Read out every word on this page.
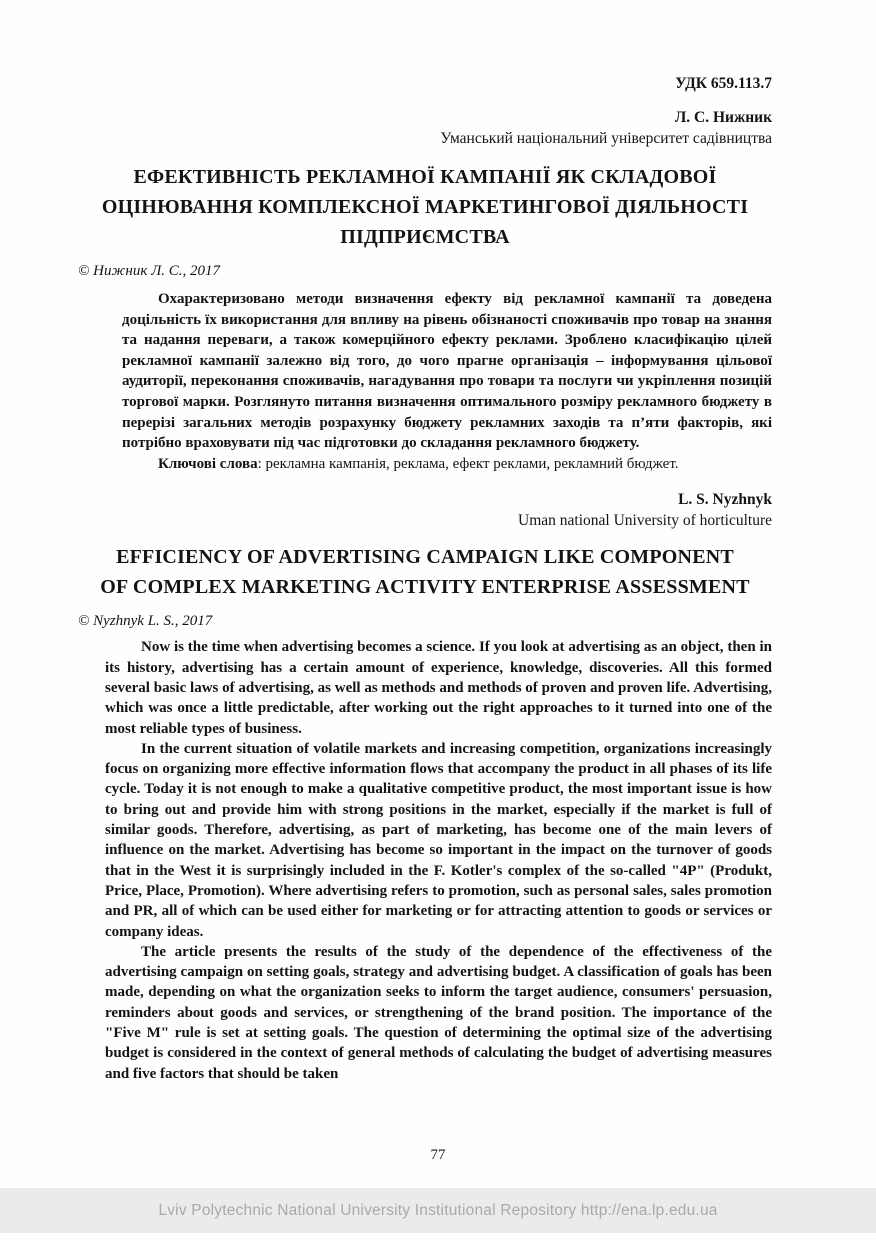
УДК 659.113.7
Л. С. Нижник
Уманський національний університет садівництва
ЕФЕКТИВНІСТЬ РЕКЛАМНОЇ КАМПАНІЇ ЯК СКЛАДОВОЇ
ОЦІНЮВАННЯ КОМПЛЕКСНОЇ МАРКЕТИНГОВОЇ ДІЯЛЬНОСТІ
ПІДПРИЄМСТВА
© Нижник Л. С., 2017

Охарактеризовано методи визначення ефекту від рекламної кампанії та доведена доцільність їх використання для впливу на рівень обізнаності споживачів про товар на знання та надання переваги, а також комерційного ефекту реклами. Зроблено класифікацію цілей рекламної кампанії залежно від того, до чого прагне організація – інформування цільової аудиторії, переконання споживачів, нагадування про товари та послуги чи укріплення позицій торгової марки. Розглянуто питання визначення оптимального розміру рекламного бюджету в перерізі загальних методів розрахунку бюджету рекламних заходів та п’яти факторів, які потрібно враховувати під час підготовки до складання рекламного бюджету.

Ключові слова: рекламна кампанія, реклама, ефект реклами, рекламний бюджет.

L. S. Nyzhnyk
Uman national University of horticulture
EFFICIENCY OF ADVERTISING CAMPAIGN LIKE COMPONENT
OF COMPLEX MARKETING ACTIVITY ENTERPRISE ASSESSMENT
© Nyzhnyk L. S., 2017

Now is the time when advertising becomes a science. If you look at advertising as an object, then in its history, advertising has a certain amount of experience, knowledge, discoveries. All this formed several basic laws of advertising, as well as methods and methods of proven and proven life. Advertising, which was once a little predictable, after working out the right approaches to it turned into one of the most reliable types of business.

In the current situation of volatile markets and increasing competition, organizations increasingly focus on organizing more effective information flows that accompany the product in all phases of its life cycle. Today it is not enough to make a qualitative competitive product, the most important issue is how to bring out and provide him with strong positions in the market, especially if the market is full of similar goods. Therefore, advertising, as part of marketing, has become one of the main levers of influence on the market. Advertising has become so important in the impact on the turnover of goods that in the West it is surprisingly included in the F. Kotler's complex of the so-called "4P" (Produkt, Price, Place, Promotion). Where advertising refers to promotion, such as personal sales, sales promotion and PR, all of which can be used either for marketing or for attracting attention to goods or services or company ideas.

The article presents the results of the study of the dependence of the effectiveness of the advertising campaign on setting goals, strategy and advertising budget. A classification of goals has been made, depending on what the organization seeks to inform the target audience, consumers' persuasion, reminders about goods and services, or strengthening of the brand position. The importance of the "Five M" rule is set at setting goals. The question of determining the optimal size of the advertising budget is considered in the context of general methods of calculating the budget of advertising measures and five factors that should be taken

77
Lviv Polytechnic National University Institutional Repository http://ena.lp.edu.ua
